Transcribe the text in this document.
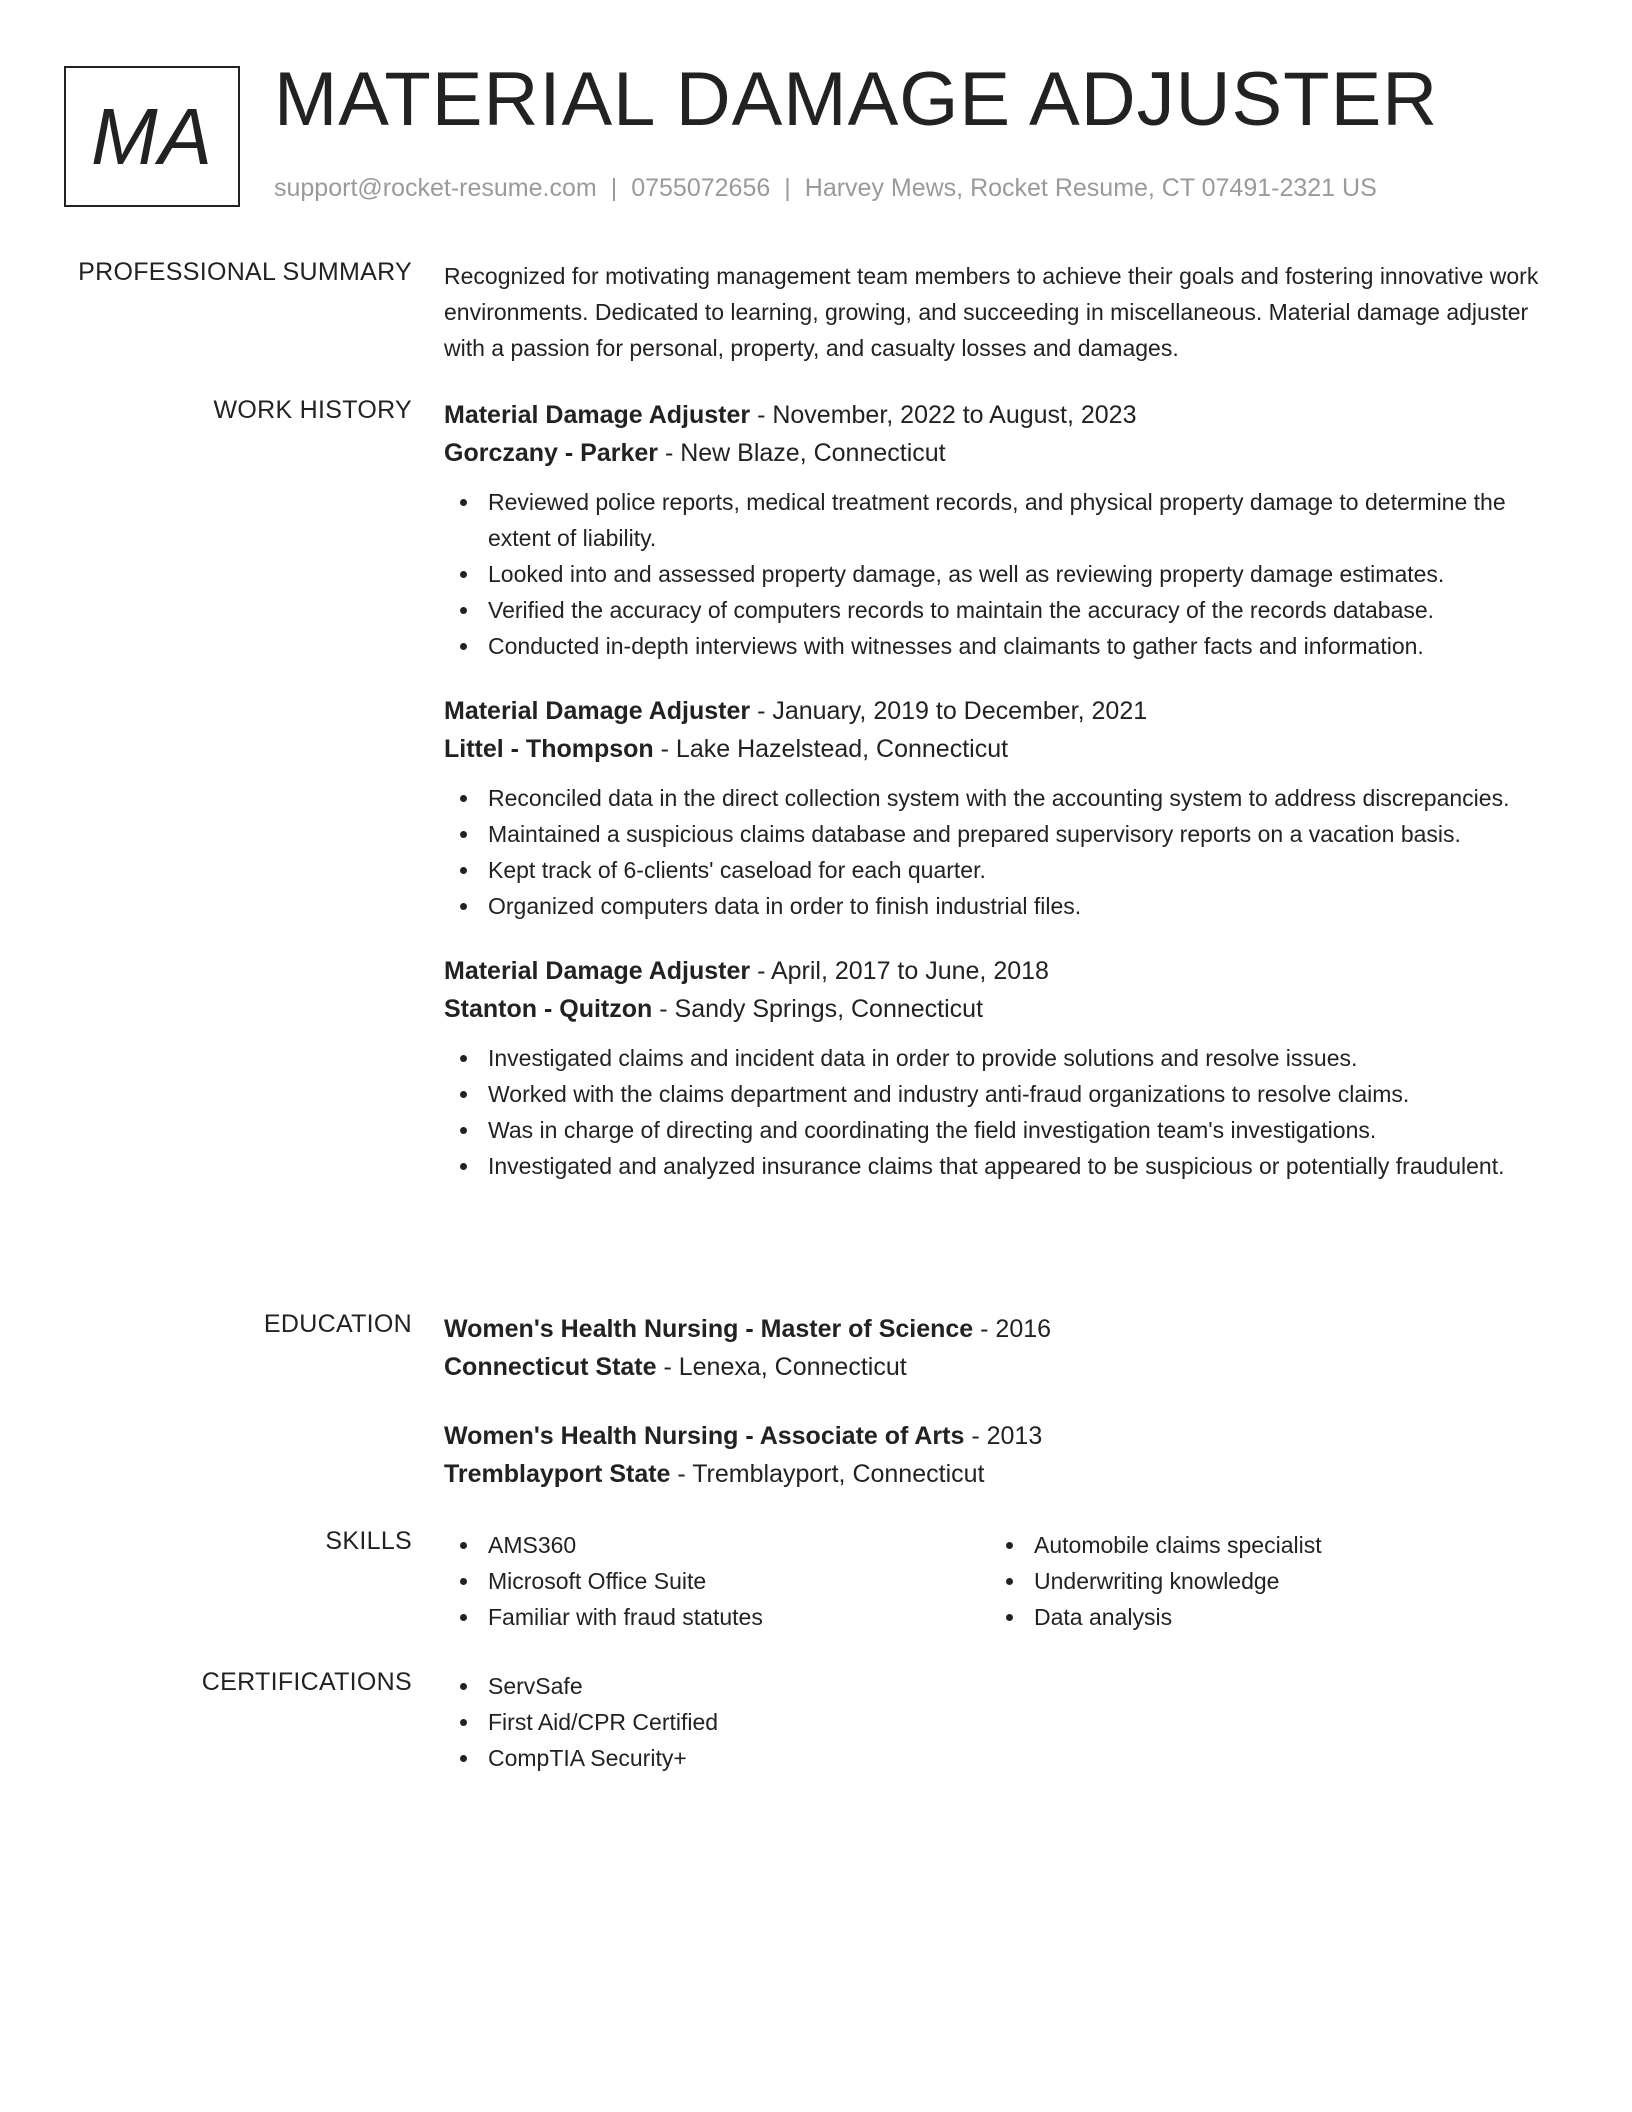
MA MATERIAL DAMAGE ADJUSTER
support@rocket-resume.com | 0755072656 | Harvey Mews, Rocket Resume, CT 07491-2321 US
PROFESSIONAL SUMMARY Recognized for motivating management team members to achieve their goals and fostering innovative work environments. Dedicated to learning, growing, and succeeding in miscellaneous. Material damage adjuster with a passion for personal, property, and casualty losses and damages.

WORK HISTORY Material Damage Adjuster - November, 2022 to August, 2023
Gorczany - Parker - New Blaze, Connecticut
Reviewed police reports, medical treatment records, and physical property damage to determine the extent of liability.
Looked into and assessed property damage, as well as reviewing property damage estimates.
Verified the accuracy of computers records to maintain the accuracy of the records database.
Conducted in-depth interviews with witnesses and claimants to gather facts and information.
Material Damage Adjuster - January, 2019 to December, 2021
Littel - Thompson - Lake Hazelstead, Connecticut
Reconciled data in the direct collection system with the accounting system to address discrepancies.
Maintained a suspicious claims database and prepared supervisory reports on a vacation basis.
Kept track of 6-clients' caseload for each quarter.
Organized computers data in order to finish industrial files.
Material Damage Adjuster - April, 2017 to June, 2018
Stanton - Quitzon - Sandy Springs, Connecticut
Investigated claims and incident data in order to provide solutions and resolve issues.
Worked with the claims department and industry anti-fraud organizations to resolve claims.
Was in charge of directing and coordinating the field investigation team's investigations.
Investigated and analyzed insurance claims that appeared to be suspicious or potentially fraudulent.
EDUCATION Women's Health Nursing - Master of Science - 2016
Connecticut State - Lenexa, Connecticut
Women's Health Nursing - Associate of Arts - 2013
Tremblayport State - Tremblayport, Connecticut
SKILLS	AMS360
Microsoft Office Suite
Familiar with fraud statutes
Automobile claims specialist
Underwriting knowledge
Data analysis
CERTIFICATIONS	ServSafe
First Aid/CPR Certified
CompTIA Security+
